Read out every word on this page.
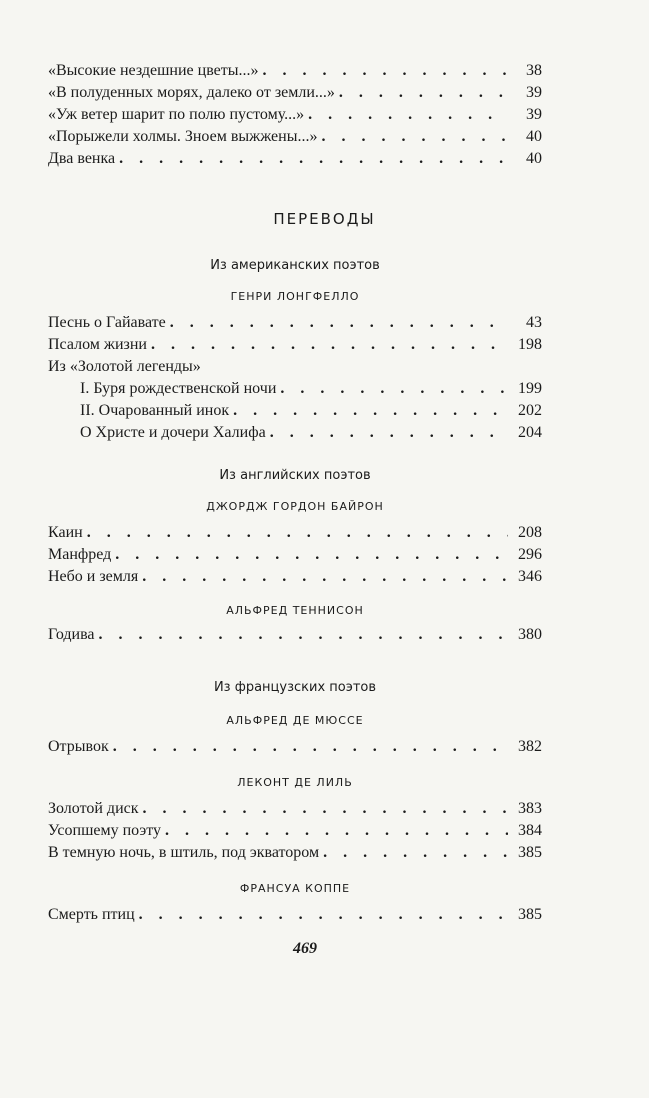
«Высокие нездешние цветы...» . . .	38
«В полуденных морях, далеко от земли...» . . .	39
«Уж ветер шарит по полю пустому...» . . .	39
«Порыжели холмы. Зноем выжжены...» . . .	40
Два венка . . .	40
ПЕРЕВОДЫ
Из американских поэтов
ГЕНРИ ЛОНГФЕЛЛО
Песнь о Гайавате . . .	43
Псалом жизни . . .	198
Из «Золотой легенды»
I. Буря рождественской ночи . . .	199
II. Очарованный инок . . .	202
О Христе и дочери Халифа . . .	204
Из английских поэтов
ДЖОРДЖ ГОРДОН БАЙРОН
Каин . . .	208
Манфред . . .	296
Небо и земля . . .	346
АЛЬФРЕД ТЕННИСОН
Годива . . .	380
Из французских поэтов
АЛЬФРЕД ДЕ МЮССЕ
Отрывок . . .	382
ЛЕКОНТ ДЕ ЛИЛЬ
Золотой диск . . .	383
Усопшему поэту . . .	384
В темную ночь, в штиль, под экватором . . .	385
ФРАНСУА КОППЕ
Смерть птиц . . .	385
469
